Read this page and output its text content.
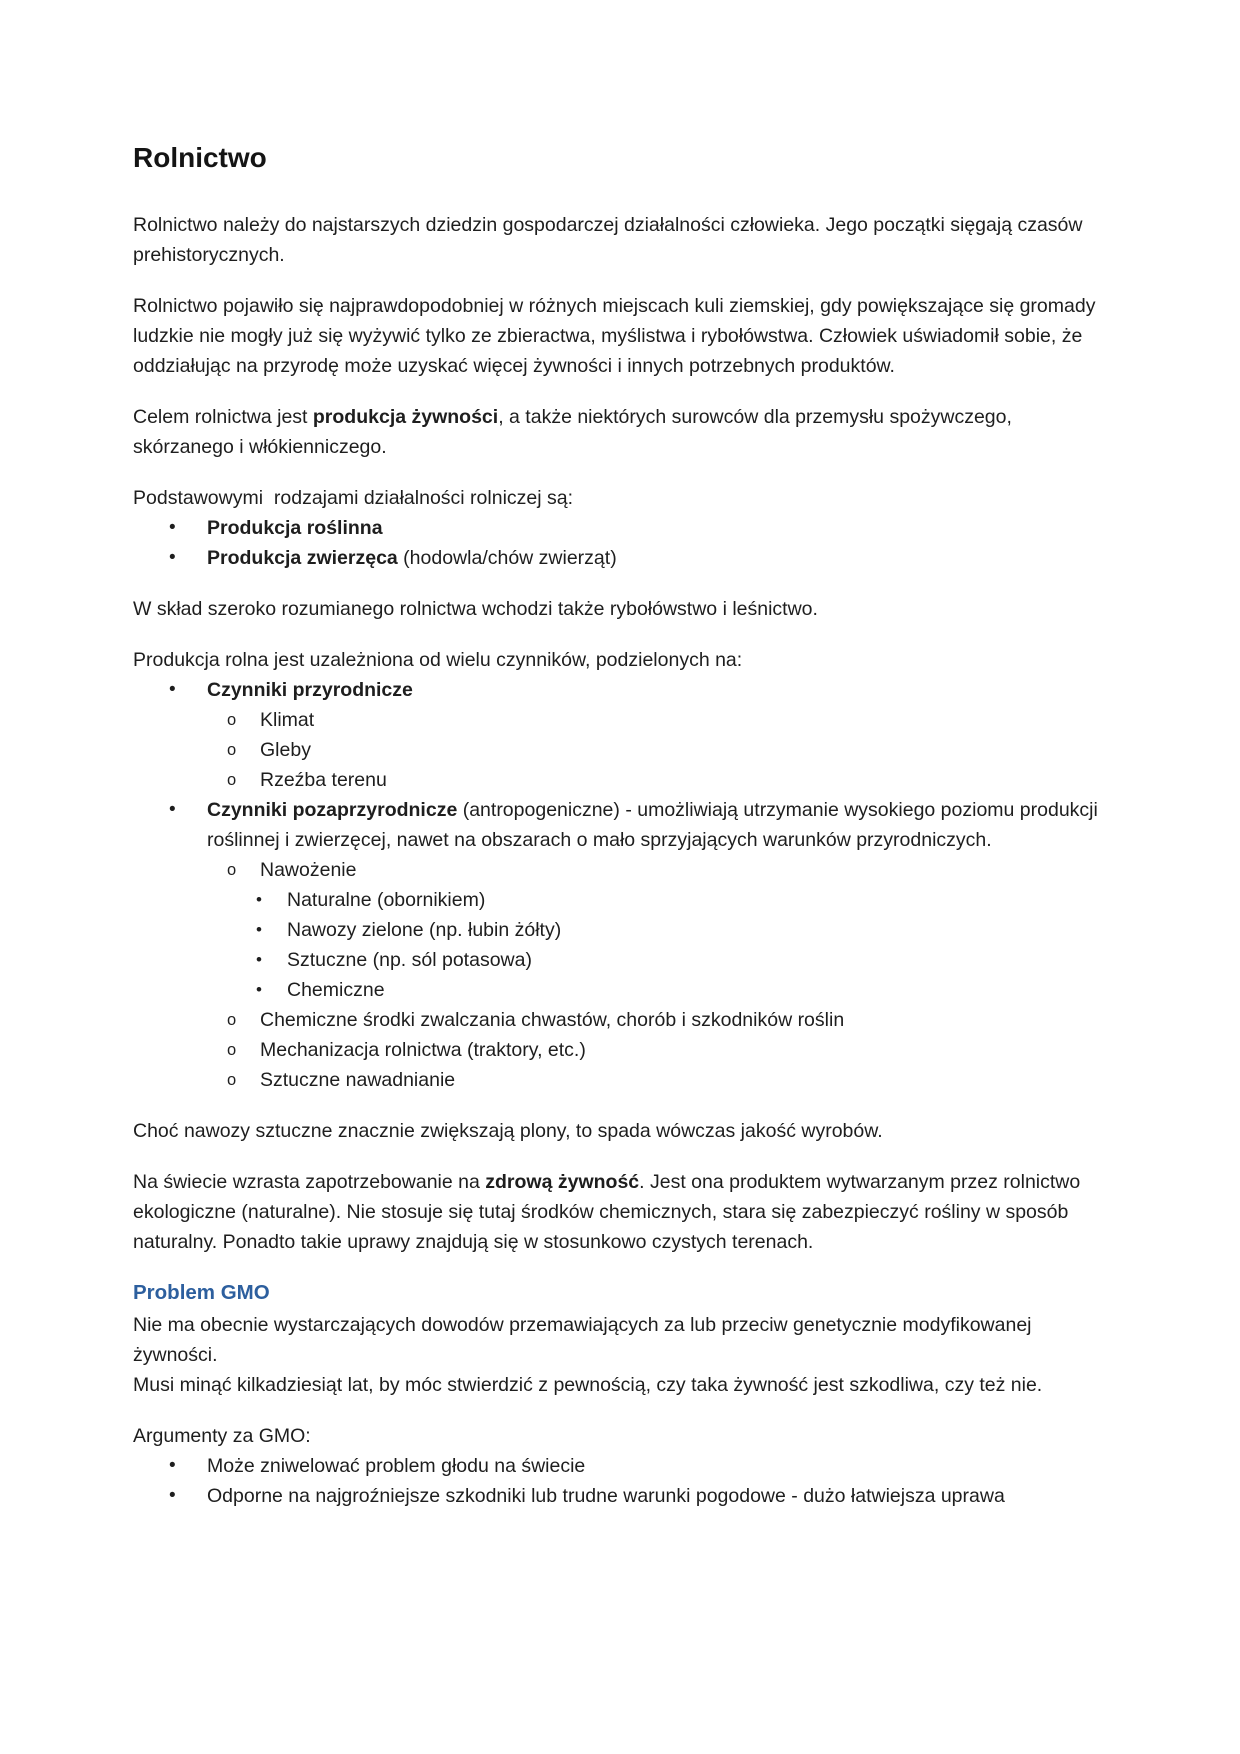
Rolnictwo

Rolnictwo należy do najstarszych dziedzin gospodarczej działalności człowieka. Jego początki sięgają czasów prehistorycznych.

Rolnictwo pojawiło się najprawdopodobniej w różnych miejscach kuli ziemskiej, gdy powiększające się gromady ludzkie nie mogły już się wyżywić tylko ze zbieractwa, myślistwa i rybołówstwa. Człowiek uświadomił sobie, że oddziałując na przyrodę może uzyskać więcej żywności i innych potrzebnych produktów.

Celem rolnictwa jest produkcja żywności, a także niektórych surowców dla przemysłu spożywczego, skórzanego i włókienniczego.

Podstawowymi  rodzajami działalności rolniczej są:

• Produkcja roślinna
• Produkcja zwierzęca (hodowla/chów zwierząt)

W skład szeroko rozumianego rolnictwa wchodzi także rybołówstwo i leśnictwo.

Produkcja rolna jest uzależniona od wielu czynników, podzielonych na:

• Czynniki przyrodnicze
o Klimat
o Gleby
o Rzeźba terenu
• Czynniki pozaprzyrodnicze (antropogeniczne) - umożliwiają utrzymanie wysokiego poziomu produkcji roślinnej i zwierzęcej, nawet na obszarach o mało sprzyjających warunków przyrodniczych.
o Nawożenie
• Naturalne (obornikiem)
• Nawozy zielone (np. łubin żółty)
• Sztuczne (np. sól potasowa)
• Chemiczne
o Chemiczne środki zwalczania chwastów, chorób i szkodników roślin
o Mechanizacja rolnictwa (traktory, etc.)
o Sztuczne nawadnianie

Choć nawozy sztuczne znacznie zwiększają plony, to spada wówczas jakość wyrobów.

Na świecie wzrasta zapotrzebowanie na zdrową żywność. Jest ona produktem wytwarzanym przez rolnictwo ekologiczne (naturalne). Nie stosuje się tutaj środków chemicznych, stara się zabezpieczyć rośliny w sposób naturalny. Ponadto takie uprawy znajdują się w stosunkowo czystych terenach.

Problem GMO

Nie ma obecnie wystarczających dowodów przemawiających za lub przeciw genetycznie modyfikowanej żywności.

Musi minąć kilkadziesiąt lat, by móc stwierdzić z pewnością, czy taka żywność jest szkodliwa, czy też nie.

Argumenty za GMO:

• Może zniwelować problem głodu na świecie
• Odporne na najgroźniejsze szkodniki lub trudne warunki pogodowe - dużo łatwiejsza uprawa
